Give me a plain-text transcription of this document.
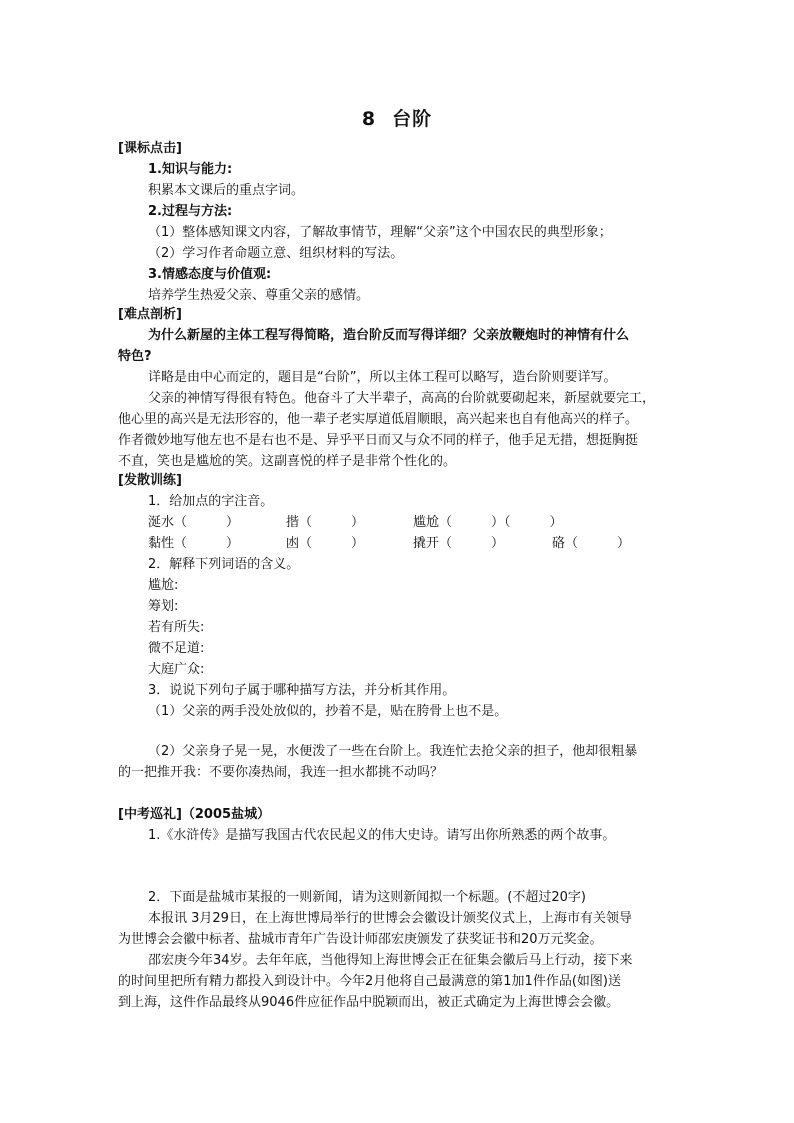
8 台阶
[课标点击]
1.知识与能力:
积累本文课后的重点字词。
2.过程与方法:
（1）整体感知课文内容，了解故事情节，理解“父亲”这个中国农民的典型形象；
（2）学习作者命题立意、组织材料的写法。
3.情感态度与价值观:
培养学生热爱父亲、尊重父亲的感情。
[难点剖析]
为什么新屋的主体工程写得简略，造台阶反而写得详细？父亲放鞭炮时的神情有什么
特色?
详略是由中心而定的，题目是“台阶”，所以主体工程可以略写，造台阶则要详写。
父亲的神情写得很有特色。他奋斗了大半辈子，高高的台阶就要砌起来，新屋就要完工，
他心里的高兴是无法形容的，他一辈子老实厚道低眉顺眼，高兴起来也自有他高兴的样子。
作者微妙地写他左也不是右也不是、异乎平日而又与众不同的样子，他手足无措，想挺胸挺
不直，笑也是尴尬的笑。这副喜悦的样子是非常个性化的。
[发散训练]
1．给加点的字注音。
涎水（　　　）	揩（　　　）	尴尬（　　　）（　　　）
黏性（　　　）	凼（　　　）	撬开（　　　）	硌（　　　）
2．解释下列词语的含义。
尴尬:
筹划:
若有所失:
微不足道:
大庭广众:
3．说说下列句子属于哪种描写方法，并分析其作用。
（1）父亲的两手没处放似的，抄着不是，贴在胯骨上也不是。
（2）父亲身子晃一晃，水便泼了一些在台阶上。我连忙去抢父亲的担子，他却很粗暴
的一把推开我：不要你凑热闹，我连一担水都挑不动吗？
[中考巡礼]（2005盐城）
1.《水浒传》是描写我国古代农民起义的伟大史诗。请写出你所熟悉的两个故事。
2．下面是盐城市某报的一则新闻，请为这则新闻拟一个标题。(不超过20字)
本报讯 3月29日，在上海世博局举行的世博会会徽设计颁奖仪式上，上海市有关领导
为世博会会徽中标者、盐城市青年广告设计师邵宏庚颁发了获奖证书和20万元奖金。
邵宏庚今年34岁。去年年底，当他得知上海世博会正在征集会徽后马上行动，接下来
的时间里把所有精力都投入到设计中。今年2月他将自己最满意的第1加1件作品(如图)送
到上海，这件作品最终从9046件应征作品中脱颖而出，被正式确定为上海世博会会徽。
